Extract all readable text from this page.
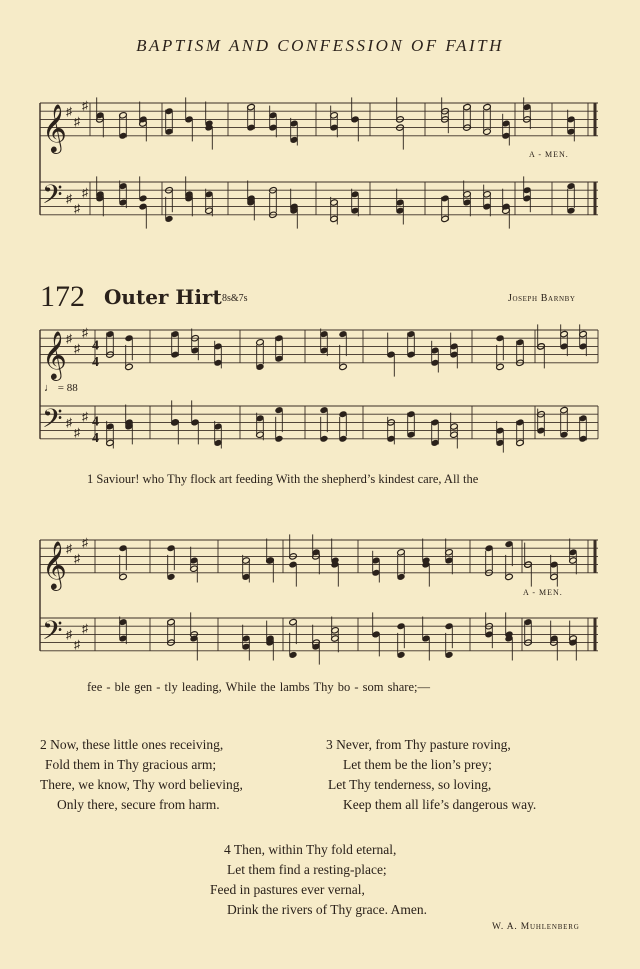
BAPTISM AND CONFESSION OF FAITH
𝄞
𝄢
♯
♯
♯
♯
♯
♯
𝄞
𝄢
♯
♯
♯
♯
♯
♯
4
4
4
4
𝄞
𝄢
♯
♯
♯
♯
♯
♯
172 Outer Hirt 8s&7s	Joseph Barnby
♩ = 88
A - MEN.
A - MEN.
1 Saviour! who Thy flock art feeding With the shepherd’s kindest care, All the
fee - ble gen - tly leading, While the lambs Thy bo - som share;—
2 Now, these little ones receiving,
Fold them in Thy gracious arm;
There, we know, Thy word believing,
Only there, secure from harm.
3 Never, from Thy pasture roving,
Let them be the lion’s prey;
Let Thy tenderness, so loving,
Keep them all life’s dangerous way.
4 Then, within Thy fold eternal,
Let them find a resting-place;
Feed in pastures ever vernal,
Drink the rivers of Thy grace. Amen.
W. A. Muhlenberg
